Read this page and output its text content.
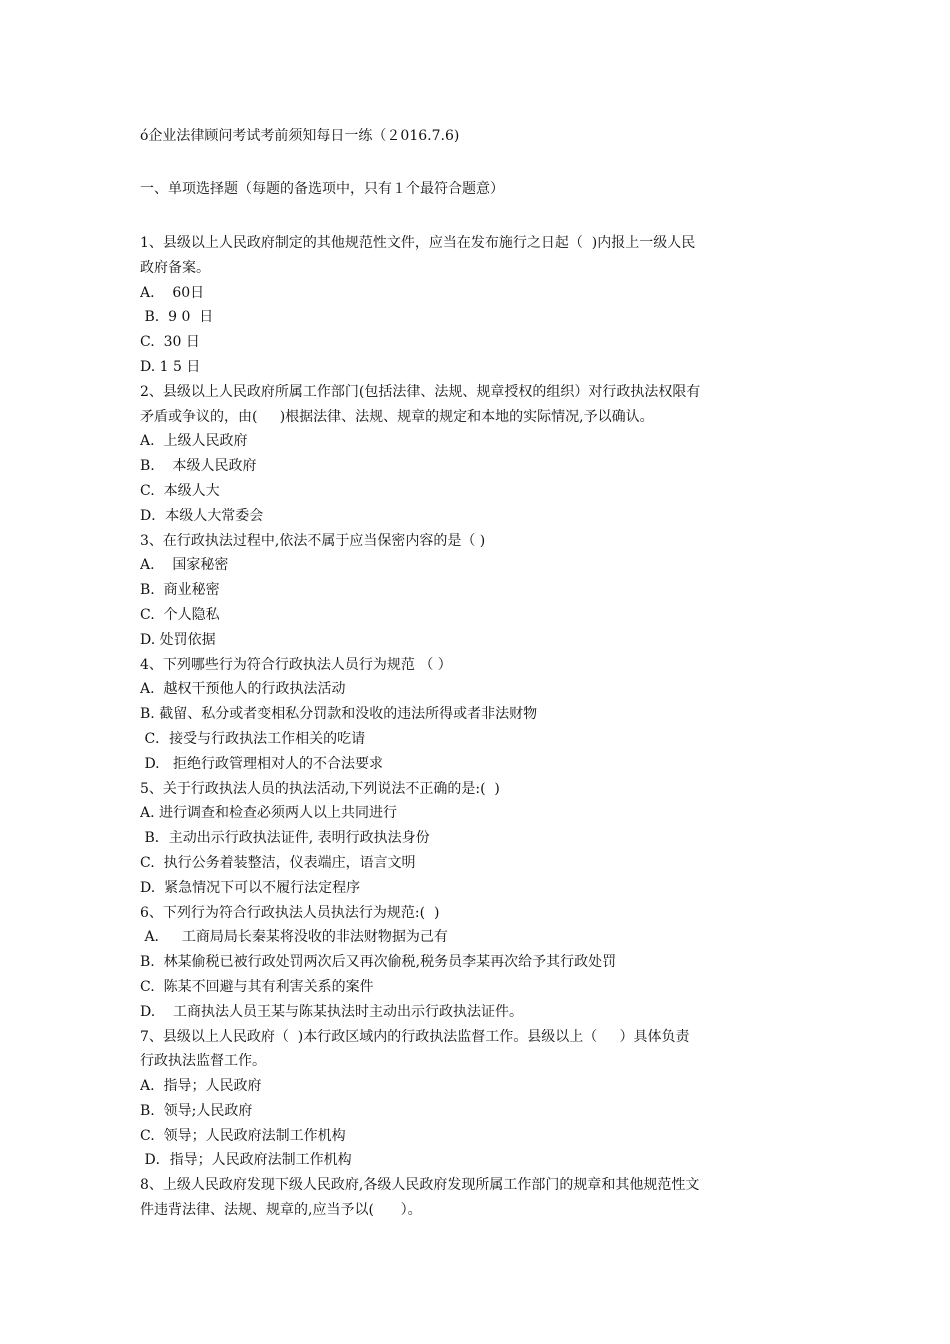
ó企业法律顾问考试考前须知每日一练（２016.7.6)
一、单项选择题（每题的备选项中，只有１个最符合题意）
1、县级以上人民政府制定的其他规范性文件，应当在发布施行之日起（  )内报上一级人民
政府备案。
A.    60日
B.  9 0  日
C.  30 日
D. 1 5 日
2、县级以上人民政府所属工作部门(包括法律、法规、规章授权的组织）对行政执法权限有
矛盾或争议的，由(     )根据法律、法规、规章的规定和本地的实际情况,予以确认。
A.  上级人民政府
B.    本级人民政府
C.  本级人大
D．本级人大常委会
3、在行政执法过程中,依法不属于应当保密内容的是（ )
A.    国家秘密
B.  商业秘密
C.  个人隐私
D. 处罚依据
4、下列哪些行为符合行政执法人员行为规范 （ ）
A.  越权干预他人的行政执法活动
B. 截留、私分或者变相私分罚款和没收的违法所得或者非法财物
C．接受与行政执法工作相关的吃请
D.   拒绝行政管理相对人的不合法要求
5、关于行政执法人员的执法活动,下列说法不正确的是:(  )
A. 进行调查和检查必须两人以上共同进行
B．主动出示行政执法证件, 表明行政执法身份
C.  执行公务着装整洁，仪表端庄，语言文明
D.  紧急情况下可以不履行法定程序
6、下列行为符合行政执法人员执法行为规范:(  )
A．   工商局局长秦某将没收的非法财物据为己有
B.  林某偷税已被行政处罚两次后又再次偷税,税务员李某再次给予其行政处罚
C.  陈某不回避与其有利害关系的案件
D.    工商执法人员王某与陈某执法时主动出示行政执法证件。
7、县级以上人民政府（  )本行政区域内的行政执法监督工作。县级以上（     ）具体负责
行政执法监督工作。
A.  指导；人民政府
B.  领导;人民政府
C.  领导；人民政府法制工作机构
D．指导；人民政府法制工作机构
8、上级人民政府发现下级人民政府,各级人民政府发现所属工作部门的规章和其他规范性文
件违背法律、法规、规章的,应当予以(      ）。
